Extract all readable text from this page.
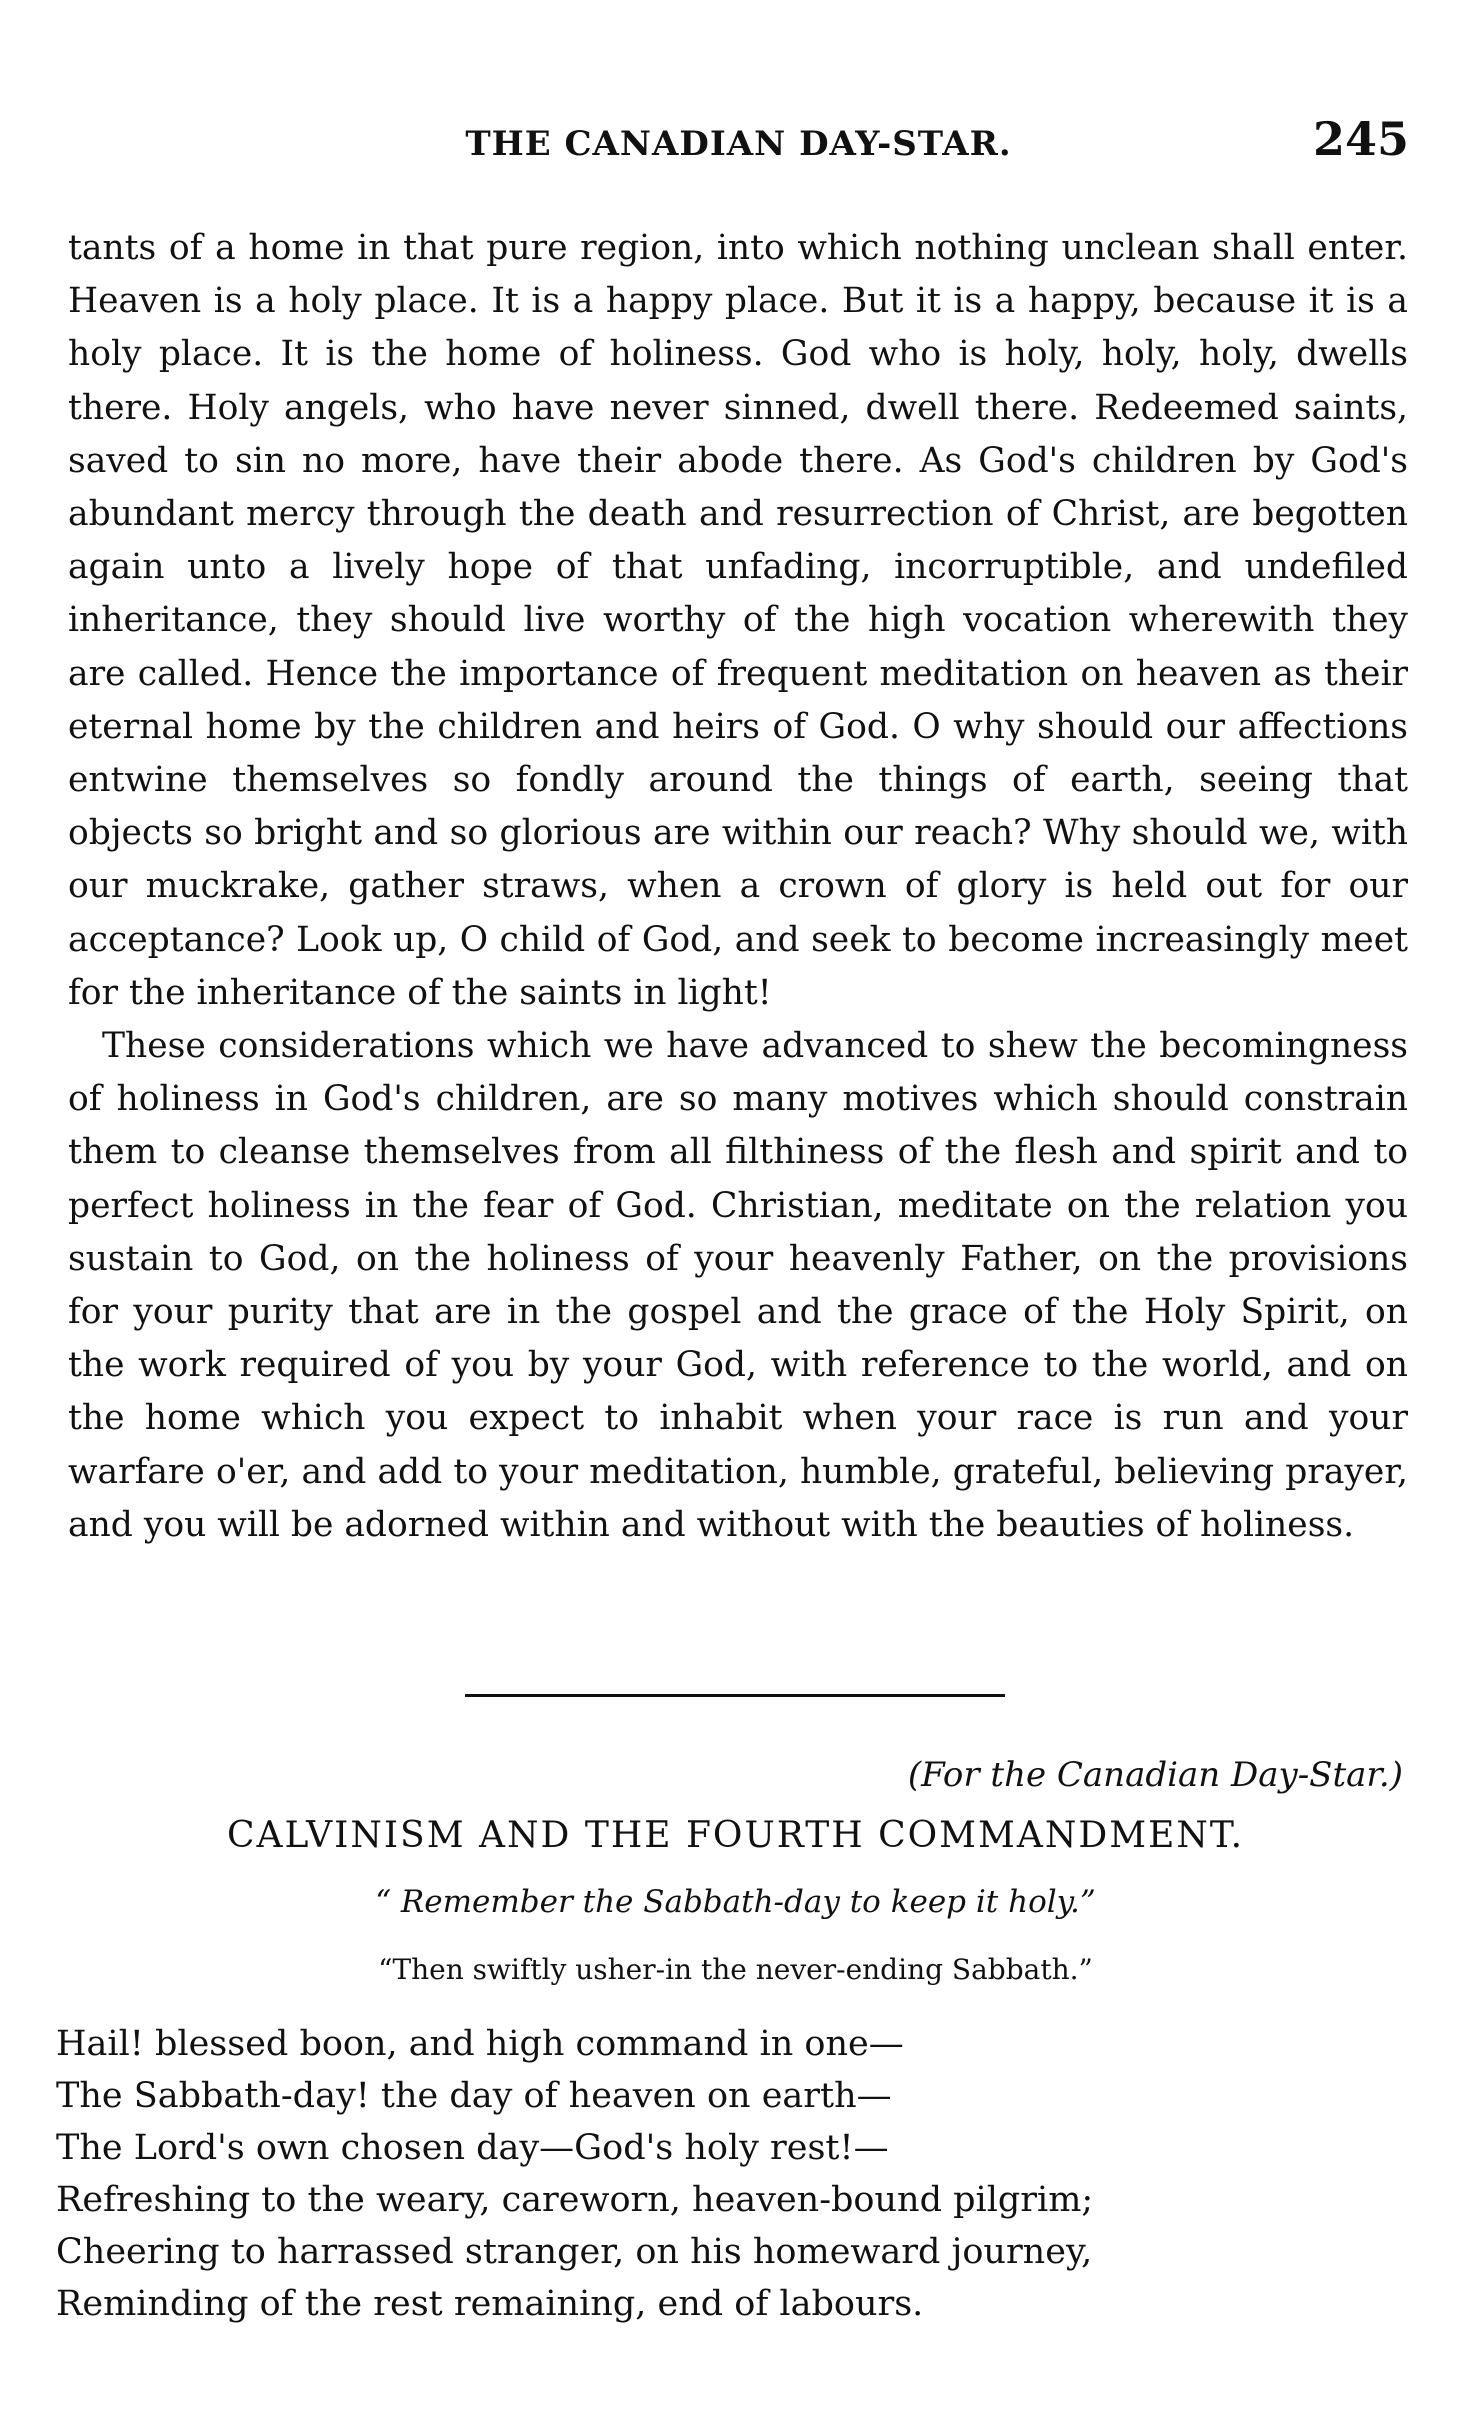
THE CANADIAN DAY-STAR.	245

tants of a home in that pure region, into which nothing unclean shall enter. Heaven is a holy place. It is a happy place. But it is a happy, because it is a holy place. It is the home of holiness. God who is holy, holy, holy, dwells there. Holy angels, who have never sinned, dwell there. Redeemed saints, saved to sin no more, have their abode there. As God's children by God's abundant mercy through the death and resurrection of Christ, are begotten again unto a lively hope of that unfading, incorruptible, and undefiled inheritance, they should live worthy of the high vocation wherewith they are called. Hence the importance of frequent meditation on heaven as their eternal home by the children and heirs of God. O why should our affections entwine themselves so fondly around the things of earth, seeing that objects so bright and so glorious are within our reach? Why should we, with our muckrake, gather straws, when a crown of glory is held out for our acceptance? Look up, O child of God, and seek to become increasingly meet for the inheritance of the saints in light!

These considerations which we have advanced to shew the becomingness of holiness in God's children, are so many motives which should constrain them to cleanse themselves from all filthiness of the flesh and spirit and to perfect holiness in the fear of God. Christian, meditate on the relation you sustain to God, on the holiness of your heavenly Father, on the provisions for your purity that are in the gospel and the grace of the Holy Spirit, on the work required of you by your God, with reference to the world, and on the home which you expect to inhabit when your race is run and your warfare o'er, and add to your meditation, humble, grateful, believing prayer, and you will be adorned within and without with the beauties of holiness.

(For the Canadian Day-Star.)
CALVINISM AND THE FOURTH COMMANDMENT.
“ Remember the Sabbath-day to keep it holy.”
“Then swiftly usher-in the never-ending Sabbath.”
Hail! blessed boon, and high command in one—
The Sabbath-day! the day of heaven on earth—
The Lord's own chosen day—God's holy rest!—
Refreshing to the weary, careworn, heaven-bound pilgrim;
Cheering to harrassed stranger, on his homeward journey,
Reminding of the rest remaining, end of labours.
